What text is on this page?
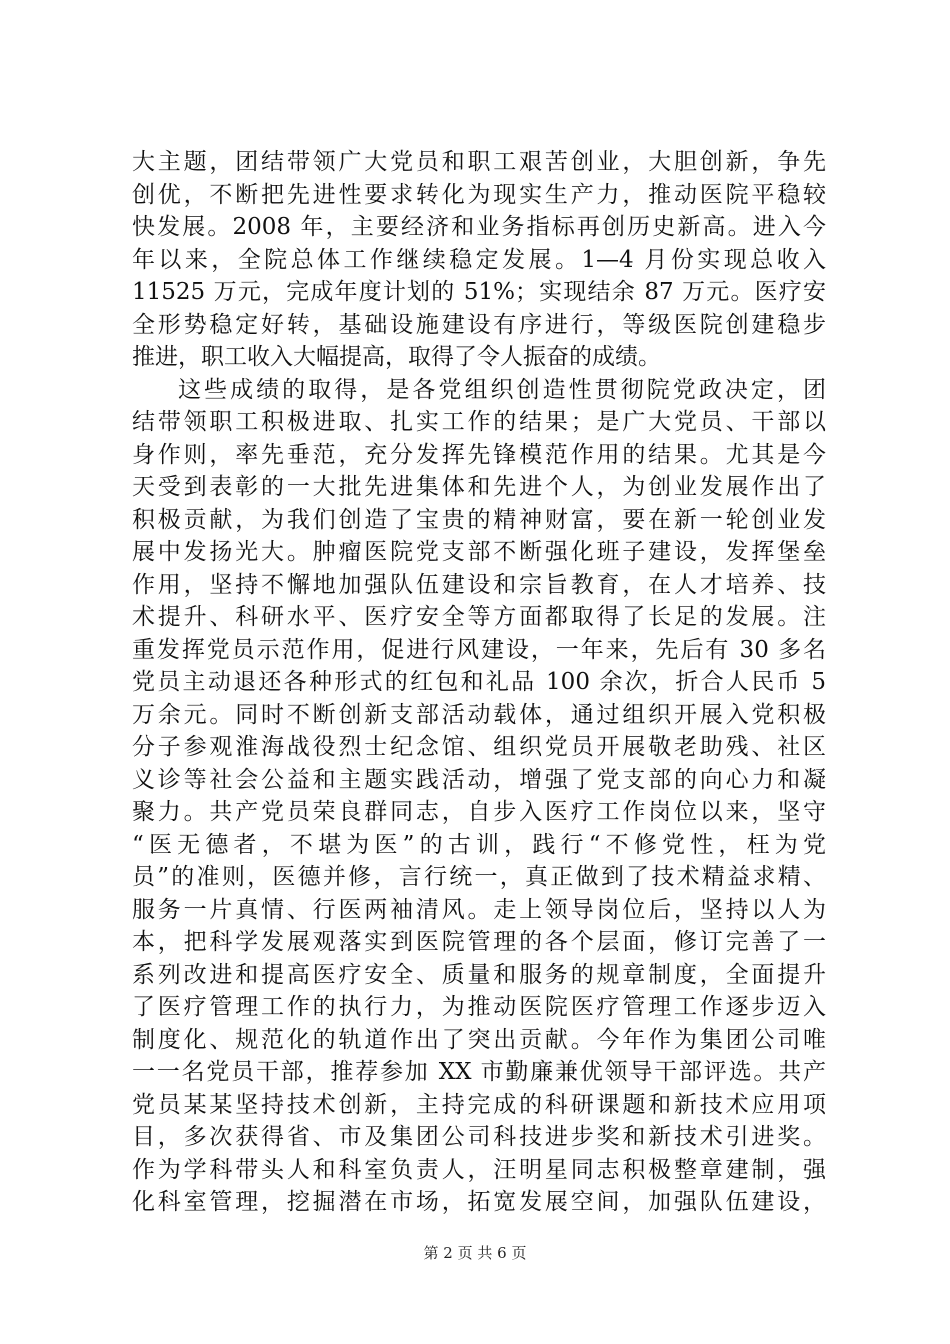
大主题，团结带领广大党员和职工艰苦创业，大胆创新，争先
创优，不断把先进性要求转化为现实生产力，推动医院平稳较
快发展。2008 年，主要经济和业务指标再创历史新高。进入今
年以来，全院总体工作继续稳定发展。1—4 月份实现总收入
11525 万元，完成年度计划的 51%；实现结余 87 万元。医疗安
全形势稳定好转，基础设施建设有序进行，等级医院创建稳步
推进，职工收入大幅提高，取得了令人振奋的成绩。
这些成绩的取得，是各党组织创造性贯彻院党政决定，团
结带领职工积极进取、扎实工作的结果；是广大党员、干部以
身作则，率先垂范，充分发挥先锋模范作用的结果。尤其是今
天受到表彰的一大批先进集体和先进个人，为创业发展作出了
积极贡献，为我们创造了宝贵的精神财富，要在新一轮创业发
展中发扬光大。肿瘤医院党支部不断强化班子建设，发挥堡垒
作用，坚持不懈地加强队伍建设和宗旨教育，在人才培养、技
术提升、科研水平、医疗安全等方面都取得了长足的发展。注
重发挥党员示范作用，促进行风建设，一年来，先后有 30 多名
党员主动退还各种形式的红包和礼品 100 余次，折合人民币 5
万余元。同时不断创新支部活动载体，通过组织开展入党积极
分子参观淮海战役烈士纪念馆、组织党员开展敬老助残、社区
义诊等社会公益和主题实践活动，增强了党支部的向心力和凝
聚力。共产党员荣良群同志，自步入医疗工作岗位以来，坚守
“医无德者，不堪为医”的古训，践行“不修党性，枉为党
员”的准则，医德并修，言行统一，真正做到了技术精益求精、
服务一片真情、行医两袖清风。走上领导岗位后，坚持以人为
本，把科学发展观落实到医院管理的各个层面，修订完善了一
系列改进和提高医疗安全、质量和服务的规章制度，全面提升
了医疗管理工作的执行力，为推动医院医疗管理工作逐步迈入
制度化、规范化的轨道作出了突出贡献。今年作为集团公司唯
一一名党员干部，推荐参加 XX 市勤廉兼优领导干部评选。共产
党员某某坚持技术创新，主持完成的科研课题和新技术应用项
目，多次获得省、市及集团公司科技进步奖和新技术引进奖。
作为学科带头人和科室负责人，汪明星同志积极整章建制，强
化科室管理，挖掘潜在市场，拓宽发展空间，加强队伍建设，
第 2 页 共 6 页
